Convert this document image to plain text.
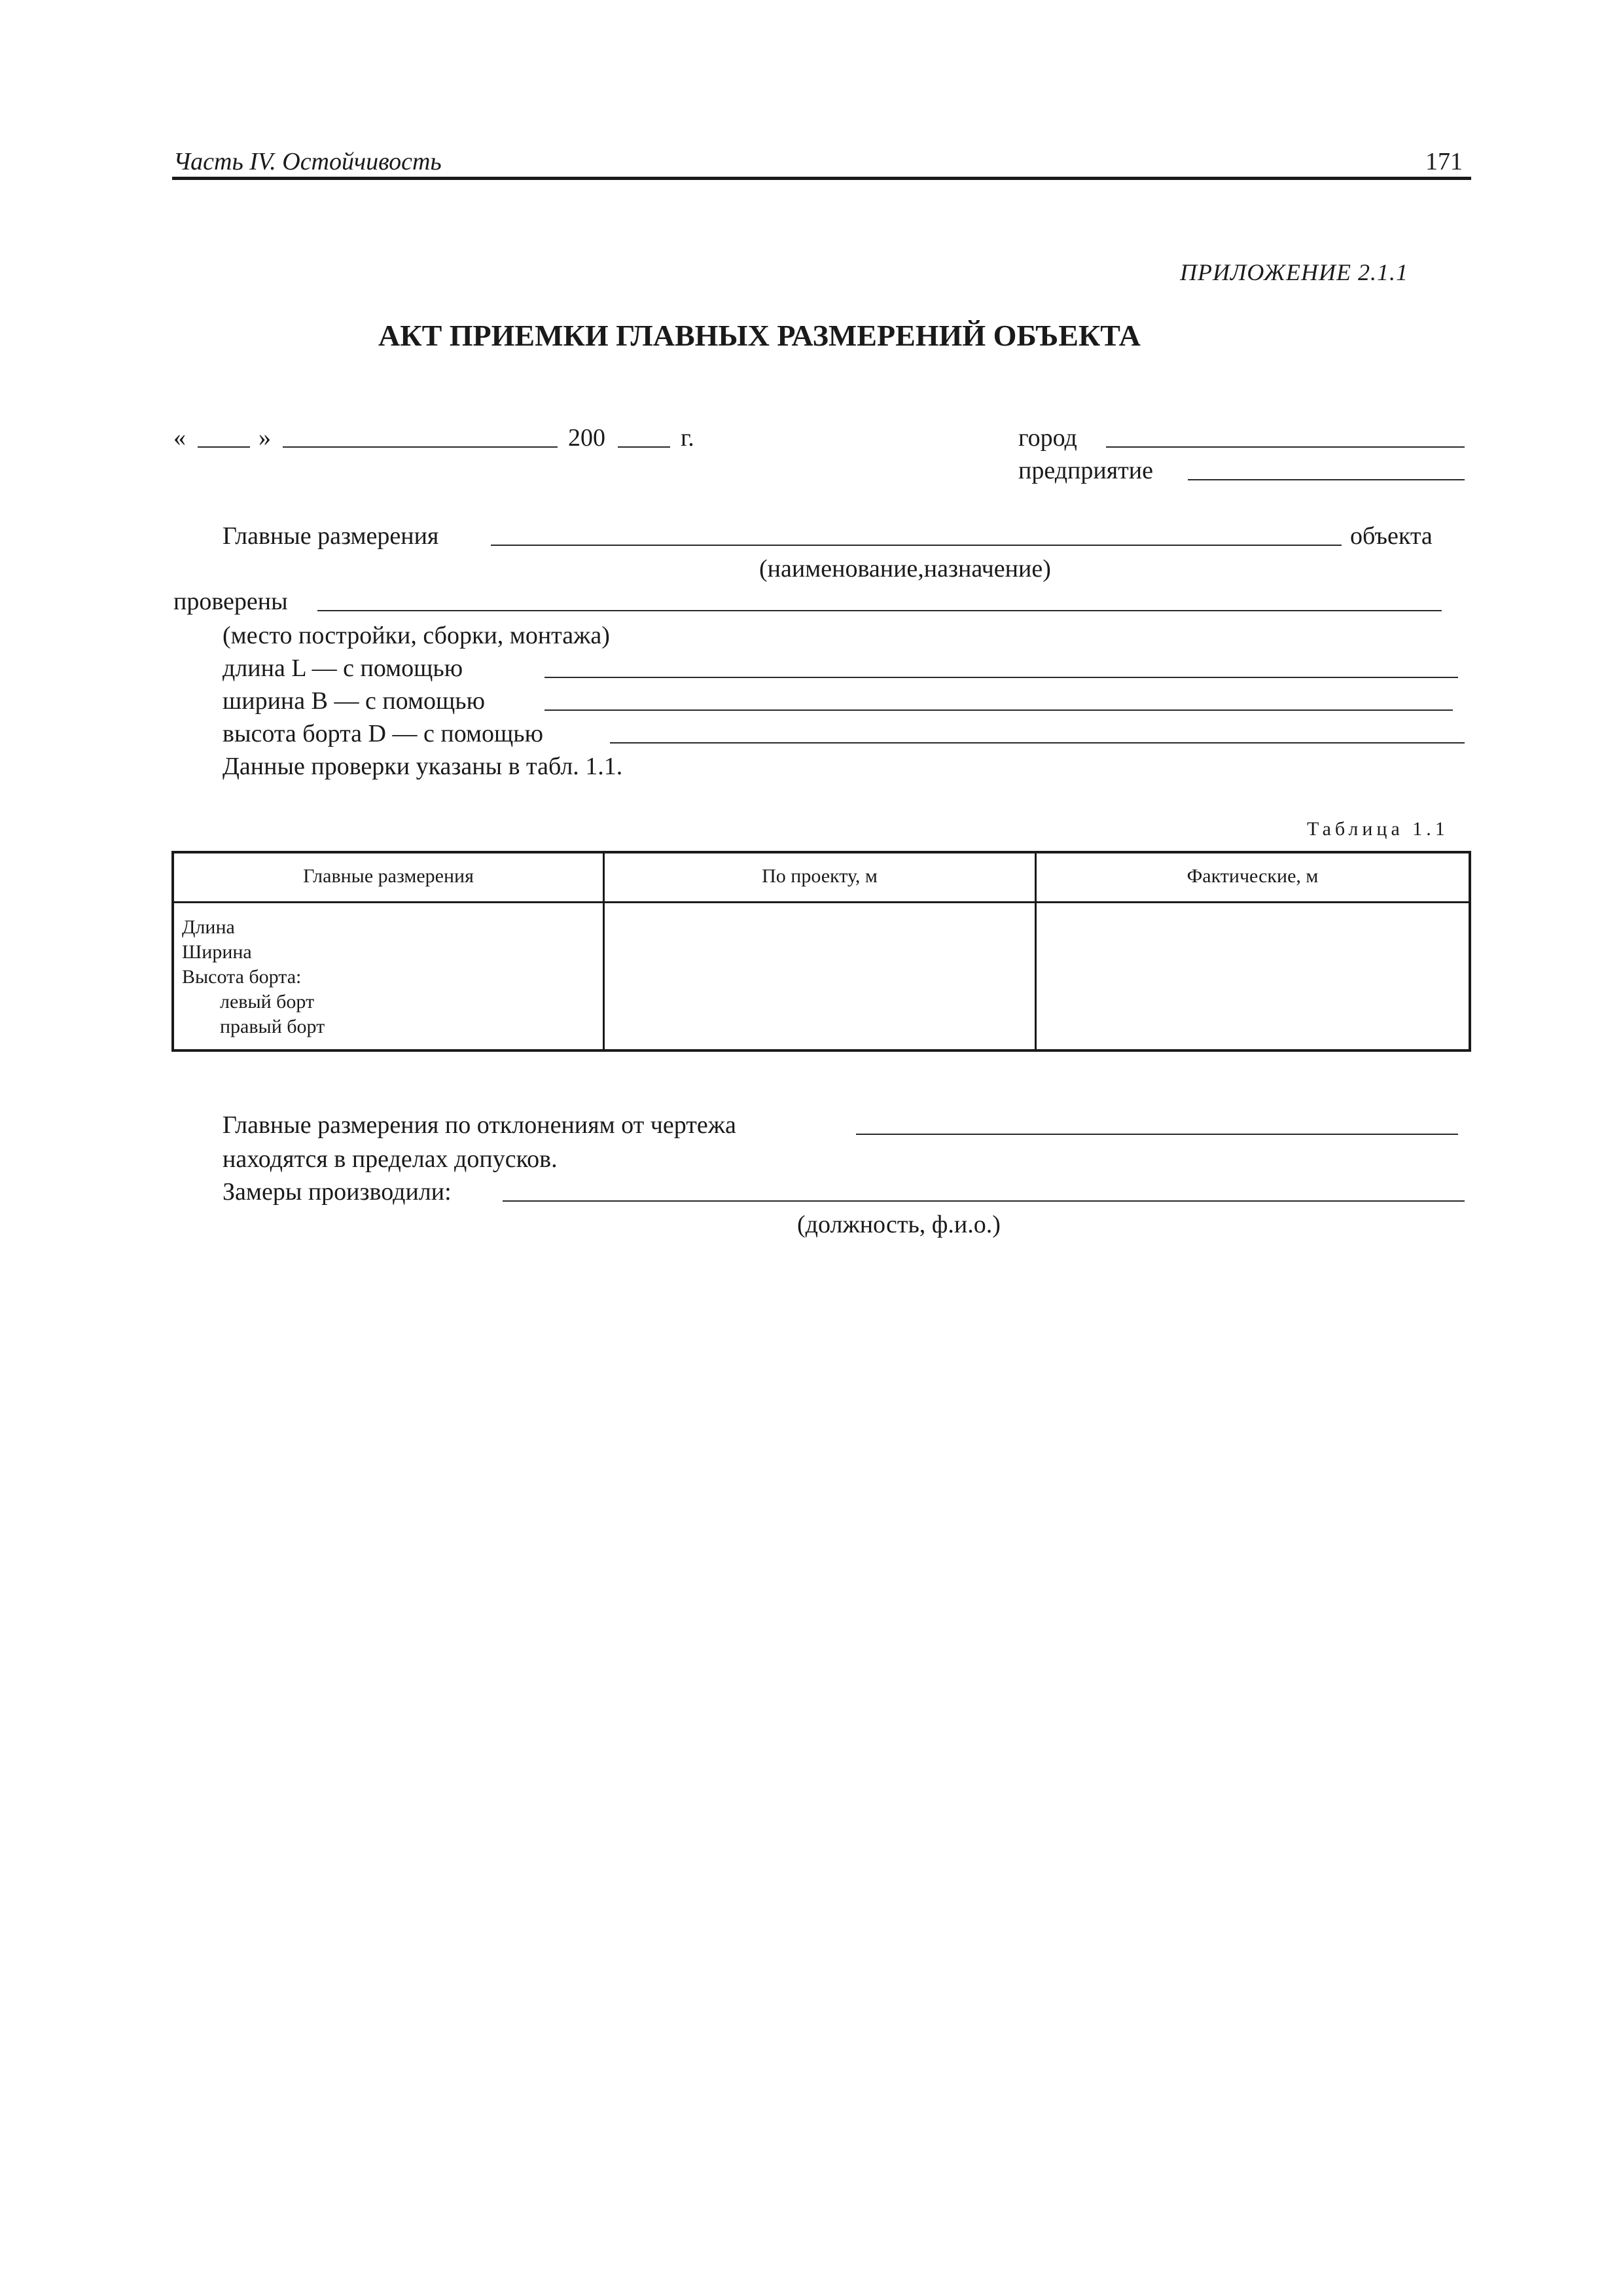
Часть IV. Остойчивость	171
ПРИЛОЖЕНИЕ 2.1.1
АКТ ПРИЕМКИ ГЛАВНЫХ РАЗМЕРЕНИЙ ОБЪЕКТА
«	»	200	г.	город
предприятие
Главные размерения	объекта
(наименование,назначение)
проверены
(место постройки, сборки, монтажа)
длина L — с помощью
ширина B — с помощью
высота борта D — с помощью
Данные проверки указаны в табл. 1.1.
Таблица 1.1
Главные размерения	По проекту, м	Фактические, м
Длина
Ширина
Высота борта:
левый борт
правый борт
Главные размерения по отклонениям от чертежа
находятся в пределах допусков.
Замеры производили:
(должность, ф.и.о.)
